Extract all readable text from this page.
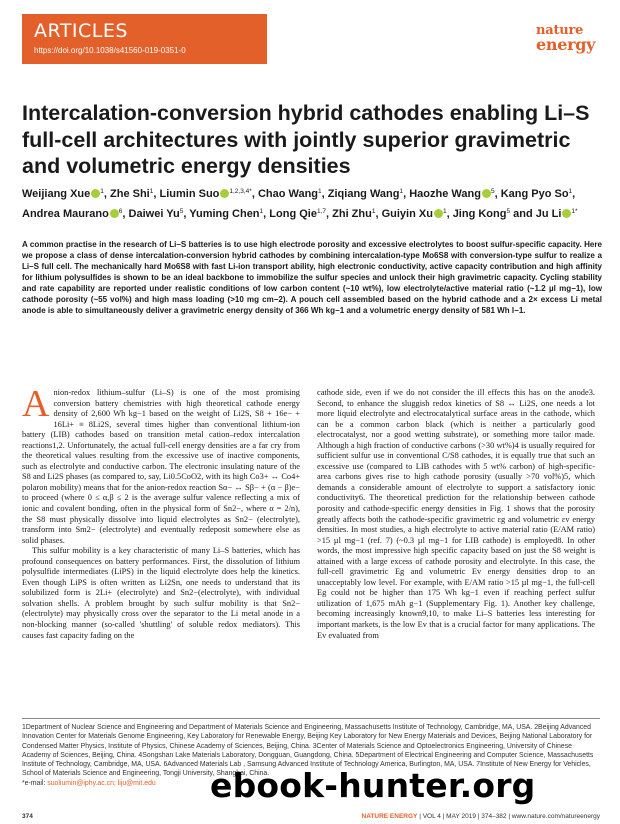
ARTICLES
https://doi.org/10.1038/s41560-019-0351-0
nature
energy
Intercalation-conversion hybrid cathodes enabling Li–S full-cell architectures with jointly superior gravimetric and volumetric energy densities
Weijiang Xue $^1$, Zhe Shi$^1$, Liumin Suo $^{1,2,3,4*}$, Chao Wang$^1$, Ziqiang Wang$^1$, Haozhe Wang $^5$, Kang Pyo So$^1$, Andrea Maurano $^6$, Daiwei Yu$^5$, Yuming Chen$^1$, Long Qie$^{1,7}$, Zhi Zhu$^1$, Guiyin Xu $^1$, Jing Kong$^5$ and Ju Li $^{1*}$

A common practise in the research of Li–S batteries is to use high electrode porosity and excessive electrolytes to boost sulfur-specific capacity. Here we propose a class of dense intercalation-conversion hybrid cathodes by combining intercalation-type Mo6S8 with conversion-type sulfur to realize a Li–S full cell. The mechanically hard Mo6S8 with fast Li-ion transport ability, high electronic conductivity, active capacity contribution and high affinity for lithium polysulfides is shown to be an ideal backbone to immobilize the sulfur species and unlock their high gravimetric capacity. Cycling stability and rate capability are reported under realistic conditions of low carbon content (~10 wt%), low electrolyte/active material ratio (~1.2 µl mg−1), low cathode porosity (~55 vol%) and high mass loading (>10 mg cm−2). A pouch cell assembled based on the hybrid cathode and a 2× excess Li metal anode is able to simultaneously deliver a gravimetric energy density of 366 Wh kg−1 and a volumetric energy density of 581 Wh l−1.

Anion-redox lithium–sulfur (Li–S) is one of the most promising conversion battery chemistries with high theoretical cathode energy density of 2,600 Wh kg−1 based on the weight of Li2S, S8 + 16e− + 16Li+ ≡ 8Li2S, several times higher than conventional lithium-ion battery (LIB) cathodes based on transition metal cation–redox intercalation reactions1,2. Unfortunately, the actual full-cell energy densities are a far cry from the theoretical values resulting from the excessive use of inactive components, such as electrolyte and conductive carbon. The electronic insulating nature of the S8 and Li2S phases (as compared to, say, Li0.5CoO2, with its high Co3+ ↔ Co4+ polaron mobility) means that for the anion-redox reaction Sα− ↔ Sβ− + (α − β)e− to proceed (where 0 ≤ α,β ≤ 2 is the average sulfur valence reflecting a mix of ionic and covalent bonding, often in the physical form of Sn2−, where α = 2/n), the S8 must physically dissolve into liquid electrolytes as Sn2− (electrolyte), transform into Sm2− (electrolyte) and eventually redeposit somewhere else as solid phases.

This sulfur mobility is a key characteristic of many Li–S batteries, which has profound consequences on battery performances. First, the dissolution of lithium polysulfide intermediates (LiPS) in the liquid electrolyte does help the kinetics. Even though LiPS is often written as Li2Sn, one needs to understand that its solubilized form is 2Li+ (electrolyte) and Sn2−(electrolyte), with individual solvation shells. A problem brought by such sulfur mobility is that Sn2−(electrolyte) may physically cross over the separator to the Li metal anode in a non-blocking manner (so-called 'shuttling' of soluble redox mediators). This causes fast capacity fading on the

cathode side, even if we do not consider the ill effects this has on the anode3. Second, to enhance the sluggish redox kinetics of S8 ↔ Li2S, one needs a lot more liquid electrolyte and electrocatalytical surface areas in the cathode, which can be a common carbon black (which is neither a particularly good electrocatalyst, nor a good wetting substrate), or something more tailor made. Although a high fraction of conductive carbons (>30 wt%)4 is usually required for sufficient sulfur use in conventional C/S8 cathodes, it is equally true that such an excessive use (compared to LIB cathodes with 5 wt% carbon) of high-specific-area carbons gives rise to high cathode porosity (usually >70 vol%)5, which demands a considerable amount of electrolyte to support a satisfactory ionic conductivity6. The theoretical prediction for the relationship between cathode porosity and cathode-specific energy densities in Fig. 1 shows that the porosity greatly affects both the cathode-specific gravimetric εg and volumetric εv energy densities. In most studies, a high electrolyte to active material ratio (E/AM ratio) >15 µl mg−1 (ref. 7) (~0.3 µl mg−1 for LIB cathode) is employed8. In other words, the most impressive high specific capacity based on just the S8 weight is attained with a large excess of cathode porosity and electrolyte. In this case, the full-cell gravimetric Eg and volumetric Ev energy densities drop to an unacceptably low level. For example, with E/AM ratio >15 µl mg−1, the full-cell Eg could not be higher than 175 Wh kg−1 even if reaching perfect sulfur utilization of 1,675 mAh g−1 (Supplementary Fig. 1). Another key challenge, becoming increasingly known9,10, to make Li–S batteries less interesting for important markets, is the low Ev that is a crucial factor for many applications. The Ev evaluated from

1Department of Nuclear Science and Engineering and Department of Materials Science and Engineering, Massachusetts Institute of Technology, Cambridge, MA, USA. 2Beijing Advanced Innovation Center for Materials Genome Engineering, Key Laboratory for Renewable Energy, Beijing Key Laboratory for New Energy Materials and Devices, Beijing National Laboratory for Condensed Matter Physics, Institute of Physics, Chinese Academy of Sciences, Beijing, China. 3Center of Materials Science and Optoelectronics Engineering, University of Chinese Academy of Sciences, Beijing, China. 4Songshan Lake Materials Laboratory, Dongguan, Guangdong, China. 5Department of Electrical Engineering and Computer Science, Massachusetts Institute of Technology, Cambridge, MA, USA. 6Advanced Materials Lab , Samsung Advanced Institute of Technology America, Burlington, MA, USA. 7Institute of New Energy for Vehicles, School of Materials Science and Engineering, Tongji University, Shanghai, China.
*e-mail: suoliumin@iphy.ac.cn; liju@mit.edu
374	NATURE ENERGY | VOL 4 | MAY 2019 | 374–382 | www.nature.com/natureenergy
ebook-hunter.org
